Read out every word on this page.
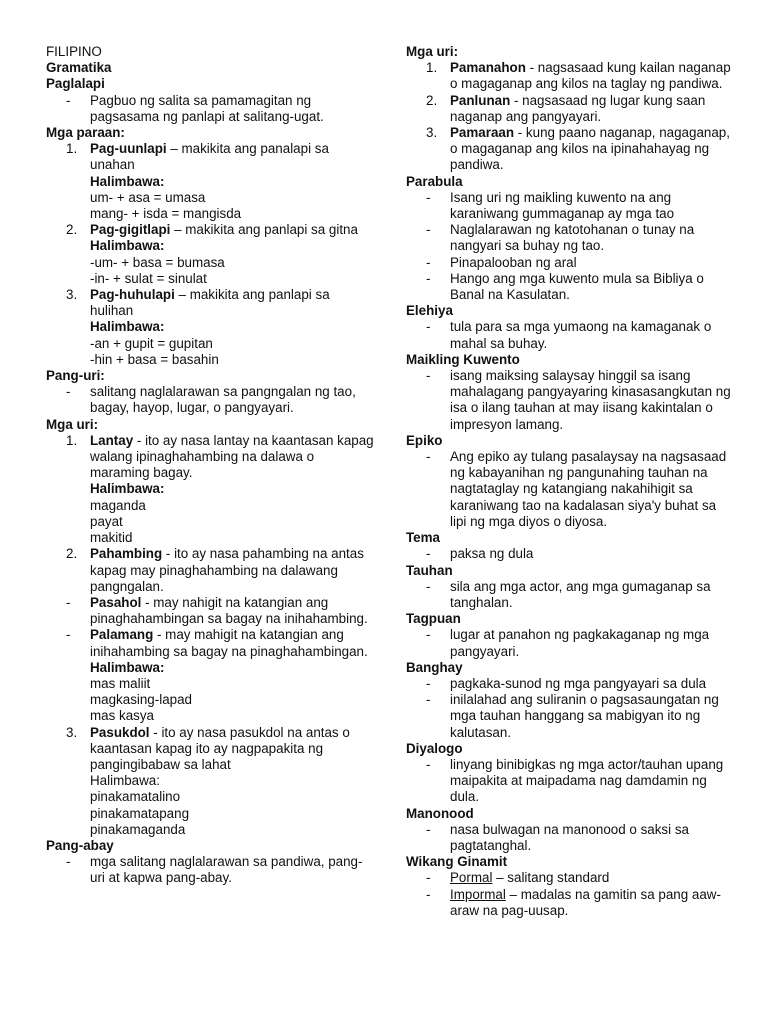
FILIPINO
Gramatika
Paglalapi
- Pagbuo ng salita sa pamamagitan ng pagsasama ng panlapi at salitang-ugat.
Mga paraan:
1. Pag-uunlapi – makikita ang panalapi sa unahan
Halimbawa:
um- + asa = umasa
mang- + isda = mangisda
2. Pag-gigitlapi – makikita ang panlapi sa gitna
Halimbawa:
-um- + basa = bumasa
-in- + sulat = sinulat
3. Pag-huhulapi – makikita ang panlapi sa hulihan
Halimbawa:
-an + gupit = gupitan
-hin + basa = basahin
Pang-uri:
- salitang naglalarawan sa pangngalan ng tao, bagay, hayop, lugar, o pangyayari.
Mga uri:
1. Lantay - ito ay nasa lantay na kaantasan kapag walang ipinaghahambing na dalawa o maraming bagay.
Halimbawa:
maganda
payat
makitid
2. Pahambing - ito ay nasa pahambing na antas kapag may pinaghahambing na dalawang pangngalan.
- Pasahol - may nahigit na katangian ang pinaghahambingan sa bagay na inihahambing.
- Palamang - may mahigit na katangian ang inihahambing sa bagay na pinaghahambingan.
Halimbawa:
mas maliit
magkasing-lapad
mas kasya
3. Pasukdol - ito ay nasa pasukdol na antas o kaantasan kapag ito ay nagpapakita ng pangingibabaw sa lahat
Halimbawa:
pinakamatalino
pinakamatapang
pinakamaganda
Pang-abay
- mga salitang naglalarawan sa pandiwa, pang-uri at kapwa pang-abay.
Mga uri:
1. Pamanahon - nagsasaad kung kailan naganap o magaganap ang kilos na taglay ng pandiwa.
2. Panlunan - nagsasaad ng lugar kung saan naganap ang pangyayari.
3. Pamaraan - kung paano naganap, nagaganap, o magaganap ang kilos na ipinahahayag ng pandiwa.
Parabula
- Isang uri ng maikling kuwento na ang karaniwang gummaganap ay mga tao
- Naglalarawan ng katotohanan o tunay na nangyari sa buhay ng tao.
- Pinapalooban ng aral
- Hango ang mga kuwento mula sa Bibliya o Banal na Kasulatan.
Elehiya
- tula para sa mga yumaong na kamaganak o mahal sa buhay.
Maikling Kuwento
- isang maiksing salaysay hinggil sa isang mahalagang pangyayaring kinasasangkutan ng isa o ilang tauhan at may iisang kakintalan o impresyon lamang.
Epiko
- Ang epiko ay tulang pasalaysay na nagsasaad ng kabayanihan ng pangunahing tauhan na nagtataglay ng katangiang nakahihigit sa karaniwang tao na kadalasan siya'y buhat sa lipi ng mga diyos o diyosa.
Tema
- paksa ng dula
Tauhan
- sila ang mga actor, ang mga gumaganap sa tanghalan.
Tagpuan
- lugar at panahon ng pagkakaganap ng mga pangyayari.
Banghay
- pagkaka-sunod ng mga pangyayari sa dula
- inilalahad ang suliranin o pagsasaungatan ng mga tauhan hanggang sa mabigyan ito ng kalutasan.
Diyalogo
- linyang binibigkas ng mga actor/tauhan upang maipakita at maipadama nag damdamin ng dula.
Manonood
- nasa bulwagan na manonood o saksi sa pagtatanghal.
Wikang Ginamit
- Pormal – salitang standard
- Impormal – madalas na gamitin sa pang aaw-araw na pag-uusap.
